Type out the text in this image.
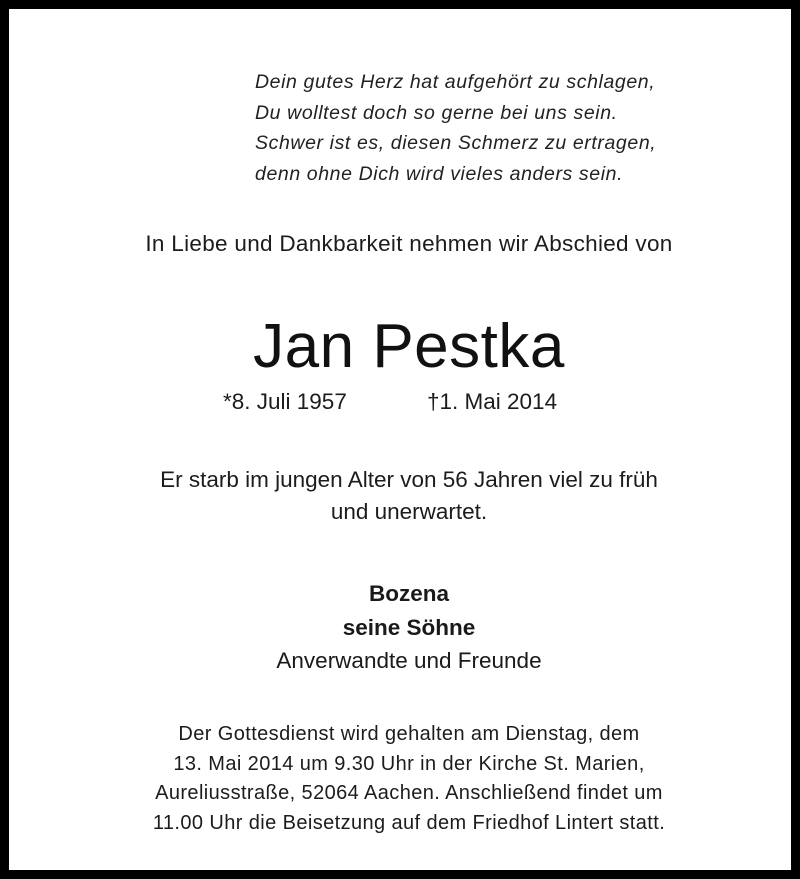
Dein gutes Herz hat aufgehört zu schlagen,
Du wolltest doch so gerne bei uns sein.
Schwer ist es, diesen Schmerz zu ertragen,
denn ohne Dich wird vieles anders sein.
In Liebe und Dankbarkeit nehmen wir Abschied von
Jan Pestka
*8. Juli 1957	†1. Mai 2014
Er starb im jungen Alter von 56 Jahren viel zu früh
und unerwartet.
Bozena
seine Söhne
Anverwandte und Freunde
Der Gottesdienst wird gehalten am Dienstag, dem
13. Mai 2014 um 9.30 Uhr in der Kirche St. Marien,
Aureliusstraße, 52064 Aachen. Anschließend findet um
11.00 Uhr die Beisetzung auf dem Friedhof Lintert statt.
